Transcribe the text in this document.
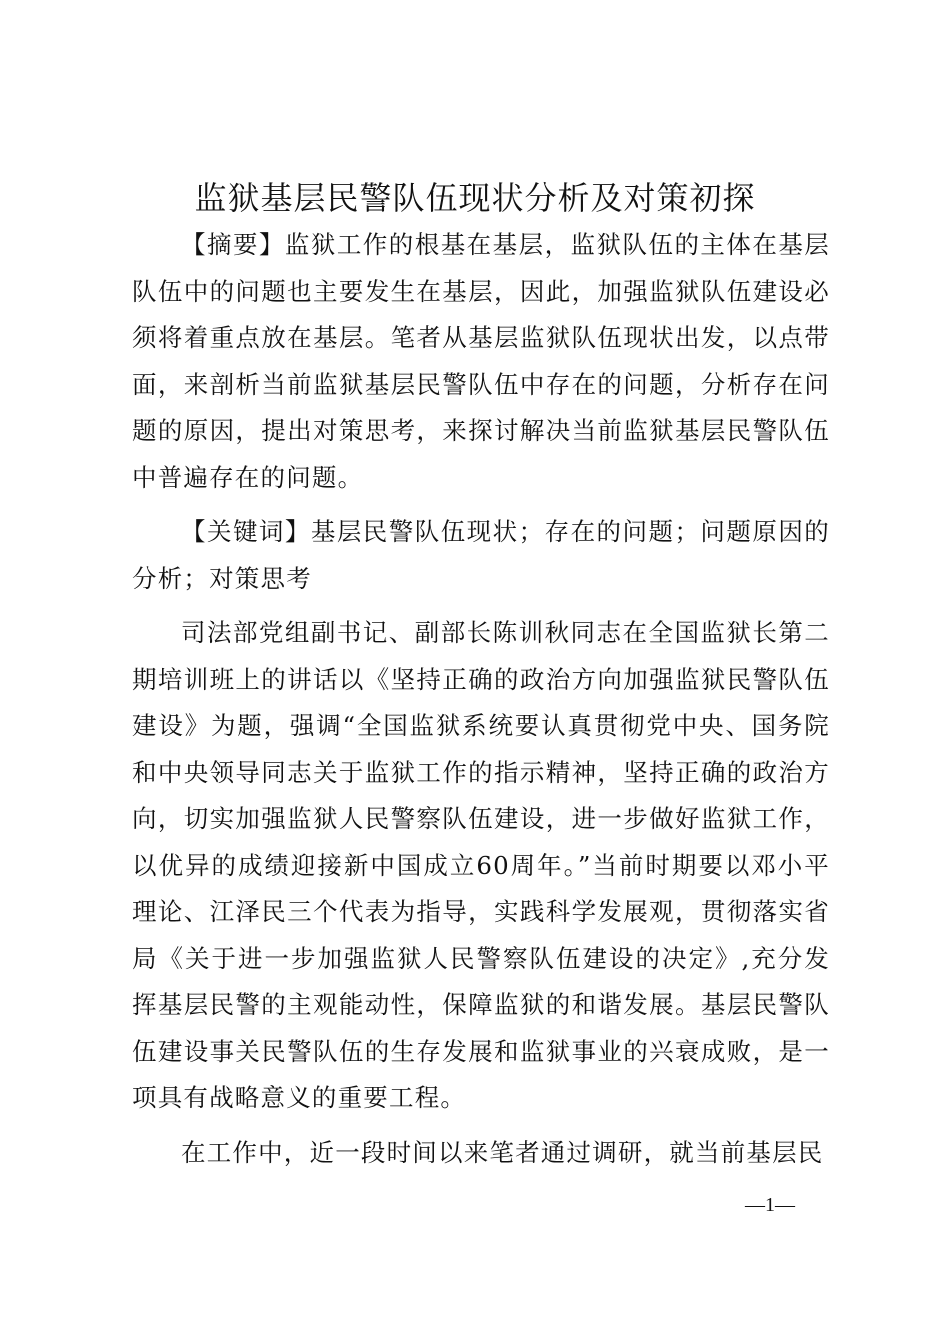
监狱基层民警队伍现状分析及对策初探

【摘要】监狱工作的根基在基层，监狱队伍的主体在基层队伍中的问题也主要发生在基层，因此，加强监狱队伍建设必须将着重点放在基层。笔者从基层监狱队伍现状出发，以点带面，来剖析当前监狱基层民警队伍中存在的问题，分析存在问题的原因，提出对策思考，来探讨解决当前监狱基层民警队伍中普遍存在的问题。

【关键词】基层民警队伍现状；存在的问题；问题原因的分析；对策思考

司法部党组副书记、副部长陈训秋同志在全国监狱长第二期培训班上的讲话以《坚持正确的政治方向加强监狱民警队伍建设》为题，强调“全国监狱系统要认真贯彻党中央、国务院和中央领导同志关于监狱工作的指示精神，坚持正确的政治方向，切实加强监狱人民警察队伍建设，进一步做好监狱工作，以优异的成绩迎接新中国成立60周年。”当前时期要以邓小平理论、江泽民三个代表为指导，实践科学发展观，贯彻落实省局《关于进一步加强监狱人民警察队伍建设的决定》,充分发挥基层民警的主观能动性，保障监狱的和谐发展。基层民警队伍建设事关民警队伍的生存发展和监狱事业的兴衰成败，是一项具有战略意义的重要工程。

在工作中，近一段时间以来笔者通过调研，就当前基层民

—1—
